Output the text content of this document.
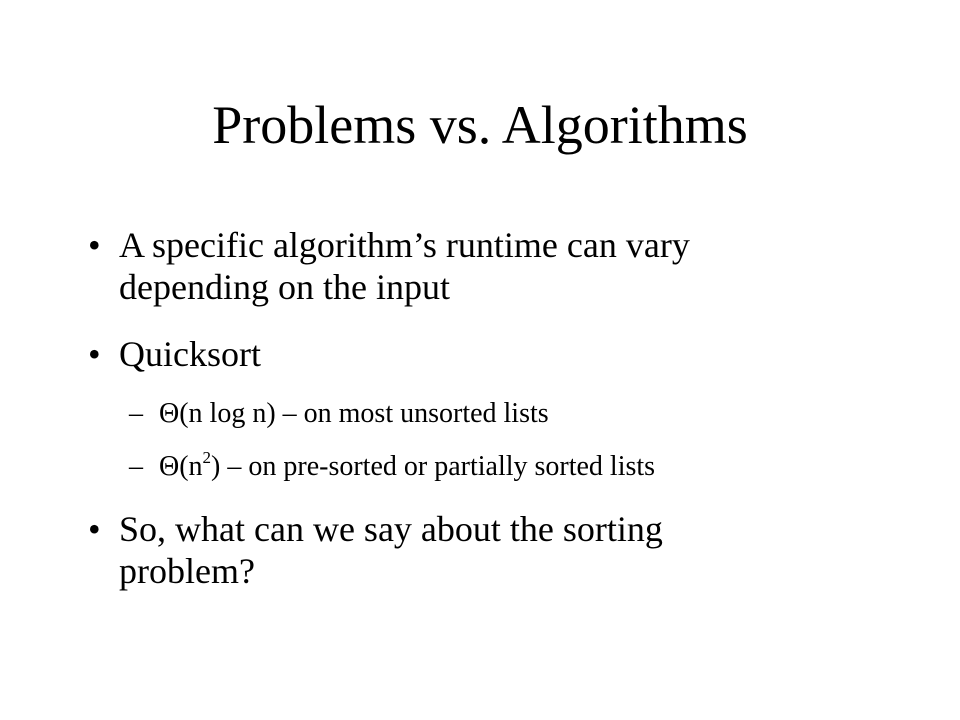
Problems vs. Algorithms
• A specific algorithm’s runtime can vary
depending on the input
• Quicksort
– Θ(n log n) – on most unsorted lists
– $\Theta(n^2)$ – on pre-sorted or partially sorted lists
• So, what can we say about the sorting
problem?
